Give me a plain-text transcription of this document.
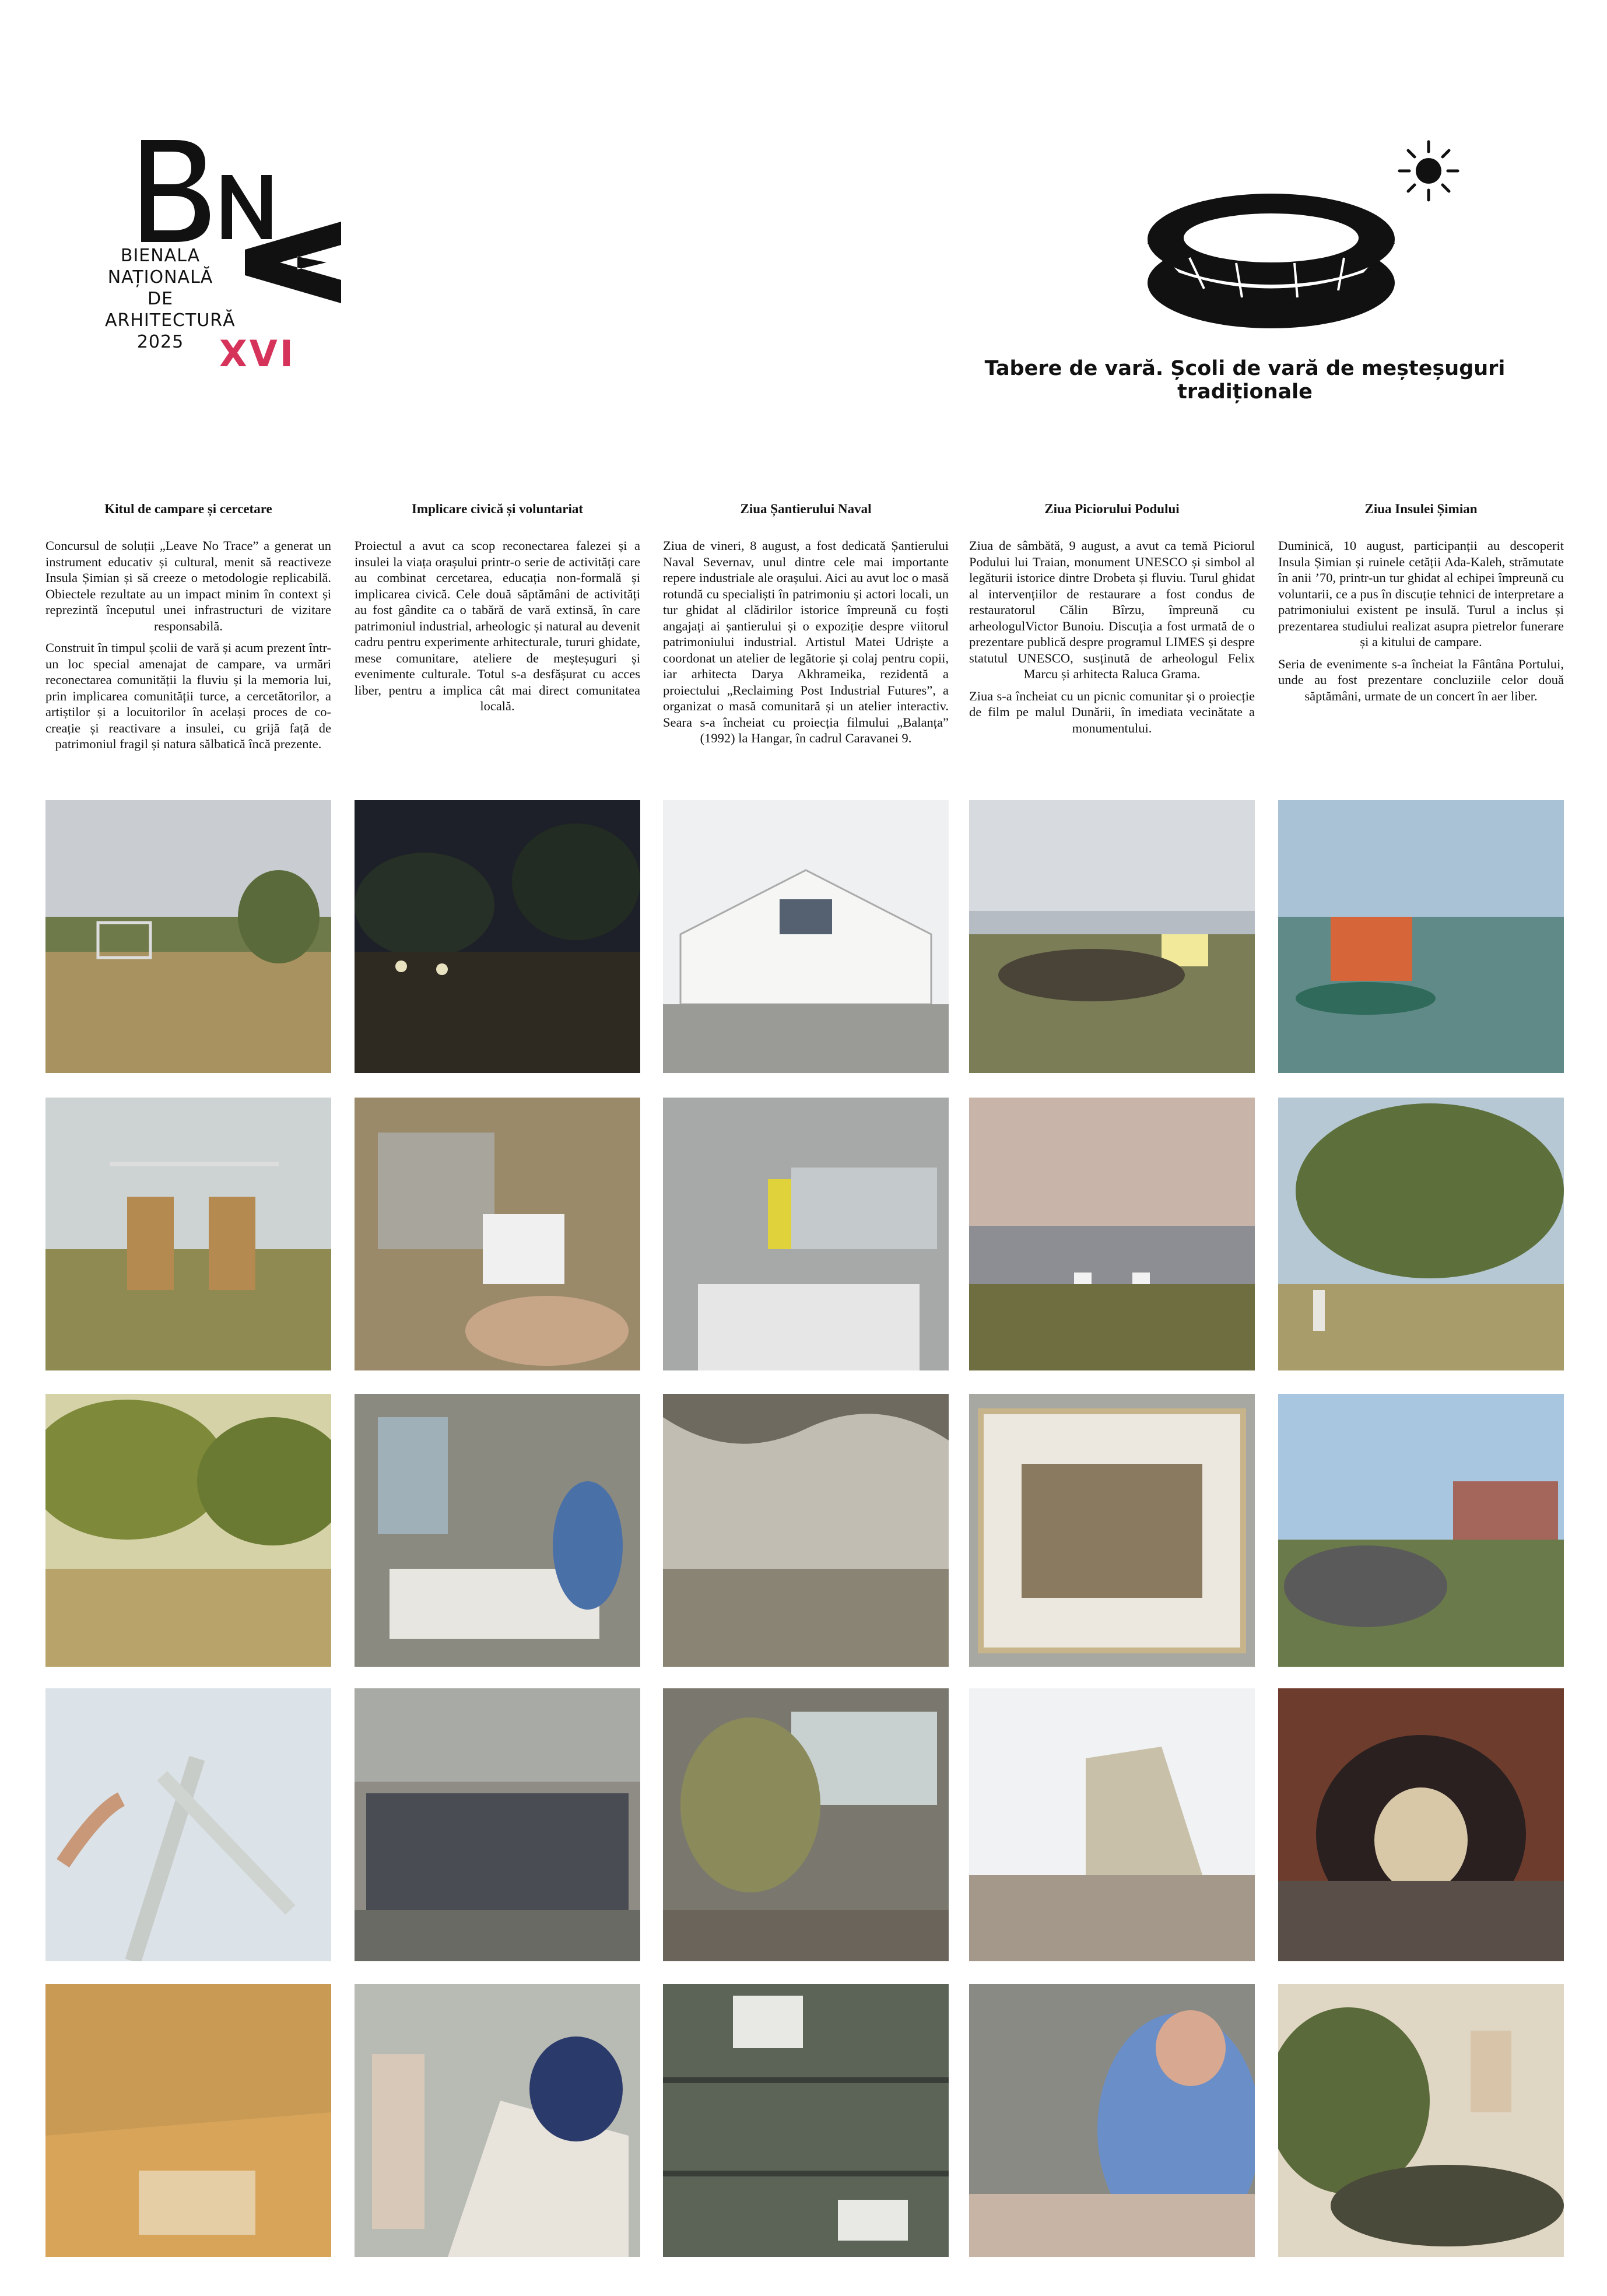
BIENALA
NAȚIONALĂ
DE
ARHITECTURĂ
2025 XVI	Tabere de vară. Școli de vară de meșteșuguri tradiționale
Kitul de campare și cercetare

Concursul de soluții „Leave No Trace” a generat un instrument educativ și cultural, menit să reactiveze Insula Șimian și să creeze o metodologie replicabilă. Obiectele rezultate au un impact minim în context și reprezintă începutul unei infrastructuri de vizitare responsabilă.

Construit în timpul școlii de vară și acum prezent într-un loc special amenajat de campare, va urmări reconectarea comunității la fluviu și la memoria lui, prin implicarea comunității turce, a cercetătorilor, a artiștilor și a locuitorilor în același proces de co-creație și reactivare a insulei, cu grijă față de patrimoniul fragil și natura sălbatică încă prezente.

Implicare civică și voluntariat

Proiectul a avut ca scop reconectarea falezei și a insulei la viața orașului printr-o serie de activități care au combinat cercetarea, educația non-formală și implicarea civică. Cele două săptămâni de activități au fost gândite ca o tabără de vară extinsă, în care patrimoniul industrial, arheologic și natural au devenit cadru pentru experimente arhitecturale, tururi ghidate, mese comunitare, ateliere de meșteșuguri și evenimente culturale. Totul s-a desfășurat cu acces liber, pentru a implica cât mai direct comunitatea locală.

Ziua Șantierului Naval

Ziua de vineri, 8 august, a fost dedicată Șantierului Naval Severnav, unul dintre cele mai importante repere industriale ale orașului. Aici au avut loc o masă rotundă cu specialiști în patrimoniu și actori locali, un tur ghidat al clădirilor istorice împreună cu foști angajați ai șantierului și o expoziție despre viitorul patrimoniului industrial. Artistul Matei Udriște a coordonat un atelier de legătorie și colaj pentru copii, iar arhitecta Darya Akhrameika, rezidentă a proiectului „Reclaiming Post Industrial Futures”, a organizat o masă comunitară și un atelier interactiv. Seara s-a încheiat cu proiecția filmului „Balanța” (1992) la Hangar, în cadrul Caravanei 9.

Ziua Piciorului Podului

Ziua de sâmbătă, 9 august, a avut ca temă Piciorul Podului lui Traian, monument UNESCO și simbol al legăturii istorice dintre Drobeta și fluviu. Turul ghidat al intervențiilor de restaurare a fost condus de restauratorul Călin Bîrzu, împreună cu arheologulVictor Bunoiu. Discuția a fost urmată de o prezentare publică despre programul LIMES și despre statutul UNESCO, susținută de arheologul Felix Marcu și arhitecta Raluca Grama.

Ziua s-a încheiat cu un picnic comunitar și o proiecție de film pe malul Dunării, în imediata vecinătate a monumentului.

Ziua Insulei Șimian

Duminică, 10 august, participanții au descoperit Insula Șimian și ruinele cetății Ada-Kaleh, strămutate în anii ’70, printr-un tur ghidat al echipei împreună cu voluntarii, ce a pus în discuție tehnici de interpretare a patrimoniului existent pe insulă. Turul a inclus și prezentarea studiului realizat asupra pietrelor funerare și a kitului de campare.

Seria de evenimente s-a încheiat la Fântâna Portului, unde au fost prezentare concluziile celor două săptămâni, urmate de un concert în aer liber.
